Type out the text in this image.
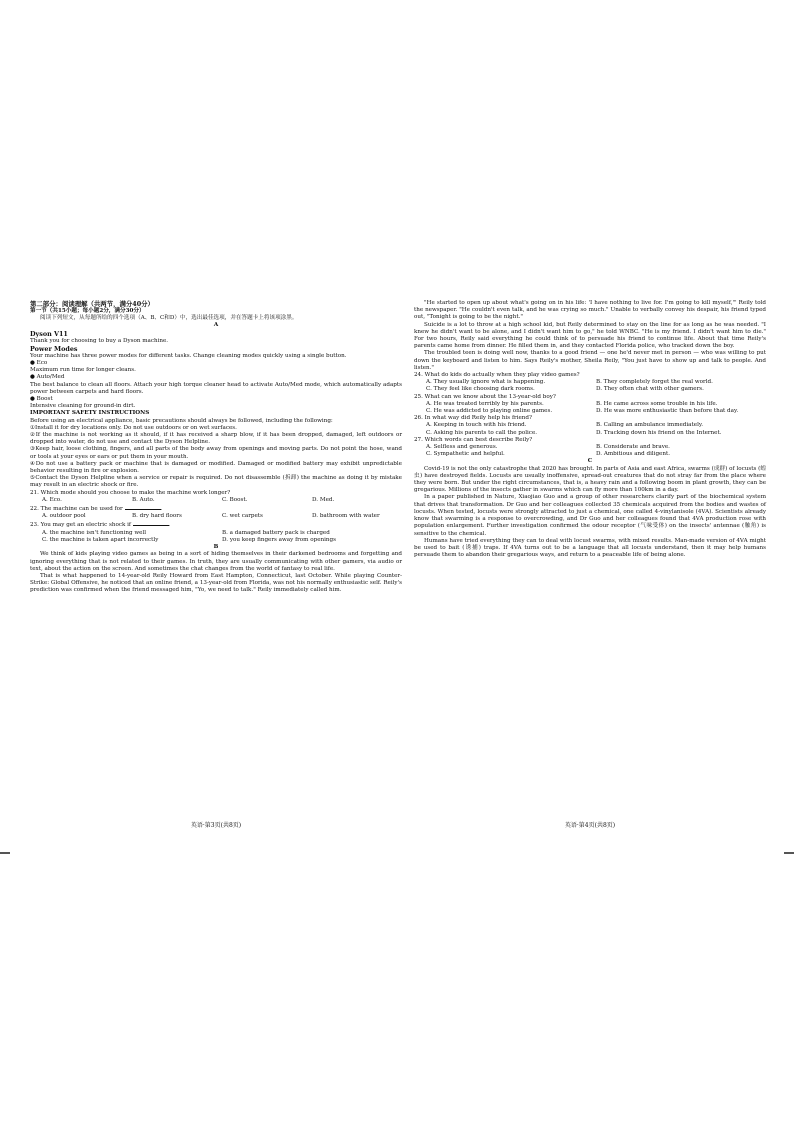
第二部分：阅读理解（共两节，满分40分）
第一节（共15小题；每小题2分，满分30分）
阅读下列短文，从每题所给的四个选项（A、B、C和D）中，选出最佳选项，并在答题卡上将该项涂黑。
A
Dyson V11
Thank you for choosing to buy a Dyson machine.
Power Modes
Your machine has three power modes for different tasks. Change cleaning modes quickly using a single button.
● Eco
Maximum run time for longer cleans.
● Auto/Med
The best balance to clean all floors. Attach your high torque cleaner head to activate Auto/Med mode, which automatically adapts power between carpets and hard floors.
● Boost
Intensive cleaning for ground-in dirt.
IMPORTANT SAFETY INSTRUCTIONS
Before using an electrical appliance, basic precautions should always be followed, including the following:
①Install it for dry locations only. Do not use outdoors or on wet surfaces.
②If the machine is not working as it should, if it has received a sharp blow, if it has been dropped, damaged, left outdoors or dropped into water, do not use and contact the Dyson Helpline.
③Keep hair, loose clothing, fingers, and all parts of the body away from openings and moving parts. Do not point the hose, wand or tools at your eyes or ears or put them in your mouth.
④Do not use a battery pack or machine that is damaged or modified. Damaged or modified battery may exhibit unpredictable behavior resulting in fire or explosion.
⑤Contact the Dyson Helpline when a service or repair is required. Do not disassemble (拆卸) the machine as doing it by mistake may result in an electric shock or fire.
21. Which mode should you choose to make the machine work longer?
A. Eco.	B. Auto.	C. Boost.	D. Med.
22. The machine can be used for	.
A. outdoor pool	B. dry hard floors	C. wet carpets	D. bathroom with water
23. You may get an electric shock if	.
A. the machine isn't functioning well	B. a damaged battery pack is charged
C. the machine is taken apart incorrectly	D. you keep fingers away from openings
B
We think of kids playing video games as being in a sort of hiding themselves in their darkened bedrooms and forgetting and ignoring everything that is not related to their games. In truth, they are usually communicating with other gamers, via audio or text, about the action on the screen. And sometimes the chat changes from the world of fantasy to real life.
That is what happened to 14-year-old Reily Howard from East Hampton, Connecticut, last October. While playing Counter-Strike: Global Offensive, he noticed that an online friend, a 13-year-old from Florida, was not his normally enthusiastic self. Reily's prediction was confirmed when the friend messaged him, "Yo, we need to talk." Reily immediately called him.
"He started to open up about what's going on in his life: 'I have nothing to live for. I'm going to kill myself,'" Reily told the newspaper. "He couldn't even talk, and he was crying so much." Unable to verbally convey his despair, his friend typed out, "Tonight is going to be the night."
Suicide is a lot to throw at a high school kid, but Reily determined to stay on the line for as long as he was needed. "I knew he didn't want to be alone, and I didn't want him to go," he told WNBC. "He is my friend. I didn't want him to die." For two hours, Reily said everything he could think of to persuade his friend to continue life. About that time Reily's parents came home from dinner. He filled them in, and they contacted Florida police, who tracked down the boy.
The troubled teen is doing well now, thanks to a good friend — one he'd never met in person — who was willing to put down the keyboard and listen to him. Says Reily's mother, Sheila Reily, "You just have to show up and talk to people. And listen."
24. What do kids do actually when they play video games?
A. They usually ignore what is happening.	B. They completely forget the real world.
C. They feel like choosing dark rooms.	D. They often chat with other gamers.
25. What can we know about the 13-year-old boy?
A. He was treated terribly by his parents.	B. He came across some trouble in his life.
C. He was addicted to playing online games.	D. He was more enthusiastic than before that day.
26. In what way did Reily help his friend?
A. Keeping in touch with his friend.	B. Calling an ambulance immediately.
C. Asking his parents to call the police.	D. Tracking down his friend on the Internet.
27. Which words can best describe Reily?
A. Selfless and generous.	B. Considerate and brave.
C. Sympathetic and helpful.	D. Ambitious and diligent.
C
Covid-19 is not the only catastrophe that 2020 has brought. In parts of Asia and east Africa, swarms (成群) of locusts (蝗虫) have destroyed fields. Locusts are usually inoffensive, spread-out creatures that do not stray far from the place where they were born. But under the right circumstances, that is, a heavy rain and a following boom in plant growth, they can be gregarious. Millions of the insects gather in swarms which can fly more than 100km in a day.
In a paper published in Nature, Xiaojiao Guo and a group of other researchers clarify part of the biochemical system that drives that transformation. Dr Guo and her colleagues collected 35 chemicals acquired from the bodies and wastes of locusts. When tested, locusts were strongly attracted to just a chemical, one called 4-vinylanisole (4VA). Scientists already know that swarming is a response to overcrowding, and Dr Guo and her colleagues found that 4VA production rose with population enlargement. Further investigation confirmed the odour receptor (气味受体) on the insects' antennae (触角) is sensitive to the chemical.
Humans have tried everything they can to deal with locust swarms, with mixed results. Man-made version of 4VA might be used to bait (诱捕) traps. If 4VA turns out to be a language that all locusts understand, then it may help humans persuade them to abandon their gregarious ways, and return to a peaceable life of being alone.
英语·第3页(共8页)	英语·第4页(共8页)
